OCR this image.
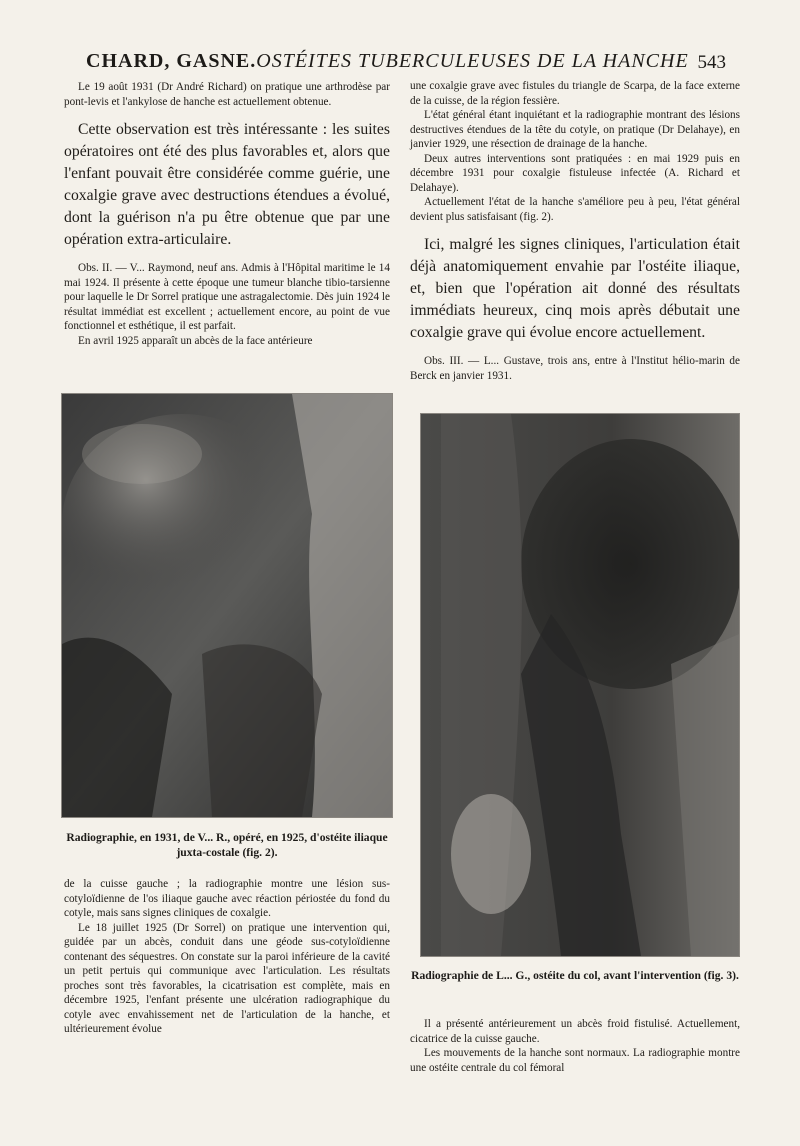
CHARD, GASNE.OSTÉITES TUBERCULEUSES DE LA HANCHE 543

Le 19 août 1931 (Dr André Richard) on pratique une arthrodèse par pont-levis et l'ankylose de hanche est actuellement obtenue.

Cette observation est très intéressante : les suites opératoires ont été des plus favorables et, alors que l'enfant pouvait être considérée comme guérie, une coxalgie grave avec destructions étendues a évolué, dont la guérison n'a pu être obtenue que par une opération extra-articulaire.

Obs. II. — V... Raymond, neuf ans. Admis à l'Hôpital maritime le 14 mai 1924. Il présente à cette époque une tumeur blanche tibio-tarsienne pour laquelle le Dr Sorrel pratique une astragalectomie. Dès juin 1924 le résultat immédiat est excellent ; actuellement encore, au point de vue fonctionnel et esthétique, il est parfait.

En avril 1925 apparaît un abcès de la face antérieure

Radiographie, en 1931, de V... R., opéré, en 1925, d'ostéite iliaque juxta-costale (fig. 2).

de la cuisse gauche ; la radiographie montre une lésion sus-cotyloïdienne de l'os iliaque gauche avec réaction périostée du fond du cotyle, mais sans signes cliniques de coxalgie.

Le 18 juillet 1925 (Dr Sorrel) on pratique une intervention qui, guidée par un abcès, conduit dans une géode sus-cotyloïdienne contenant des séquestres. On constate sur la paroi inférieure de la cavité un petit pertuis qui communique avec l'articulation. Les résultats proches sont très favorables, la cicatrisation est complète, mais en décembre 1925, l'enfant présente une ulcération radiographique du cotyle avec envahissement net de l'articulation de la hanche, et ultérieurement évolue

une coxalgie grave avec fistules du triangle de Scarpa, de la face externe de la cuisse, de la région fessière.

L'état général étant inquiétant et la radiographie montrant des lésions destructives étendues de la tête du cotyle, on pratique (Dr Delahaye), en janvier 1929, une résection de drainage de la hanche.

Deux autres interventions sont pratiquées : en mai 1929 puis en décembre 1931 pour coxalgie fistuleuse infectée (A. Richard et Delahaye).

Actuellement l'état de la hanche s'améliore peu à peu, l'état général devient plus satisfaisant (fig. 2).

Ici, malgré les signes cliniques, l'articulation était déjà anatomiquement envahie par l'ostéite iliaque, et, bien que l'opération ait donné des résultats immédiats heureux, cinq mois après débutait une coxalgie grave qui évolue encore actuellement.

Obs. III. — L... Gustave, trois ans, entre à l'Institut hélio-marin de Berck en janvier 1931.

Radiographie de L... G., ostéite du col, avant l'intervention (fig. 3).

Il a présenté antérieurement un abcès froid fistulisé. Actuellement, cicatrice de la cuisse gauche.

Les mouvements de la hanche sont normaux. La radiographie montre une ostéite centrale du col fémoral
